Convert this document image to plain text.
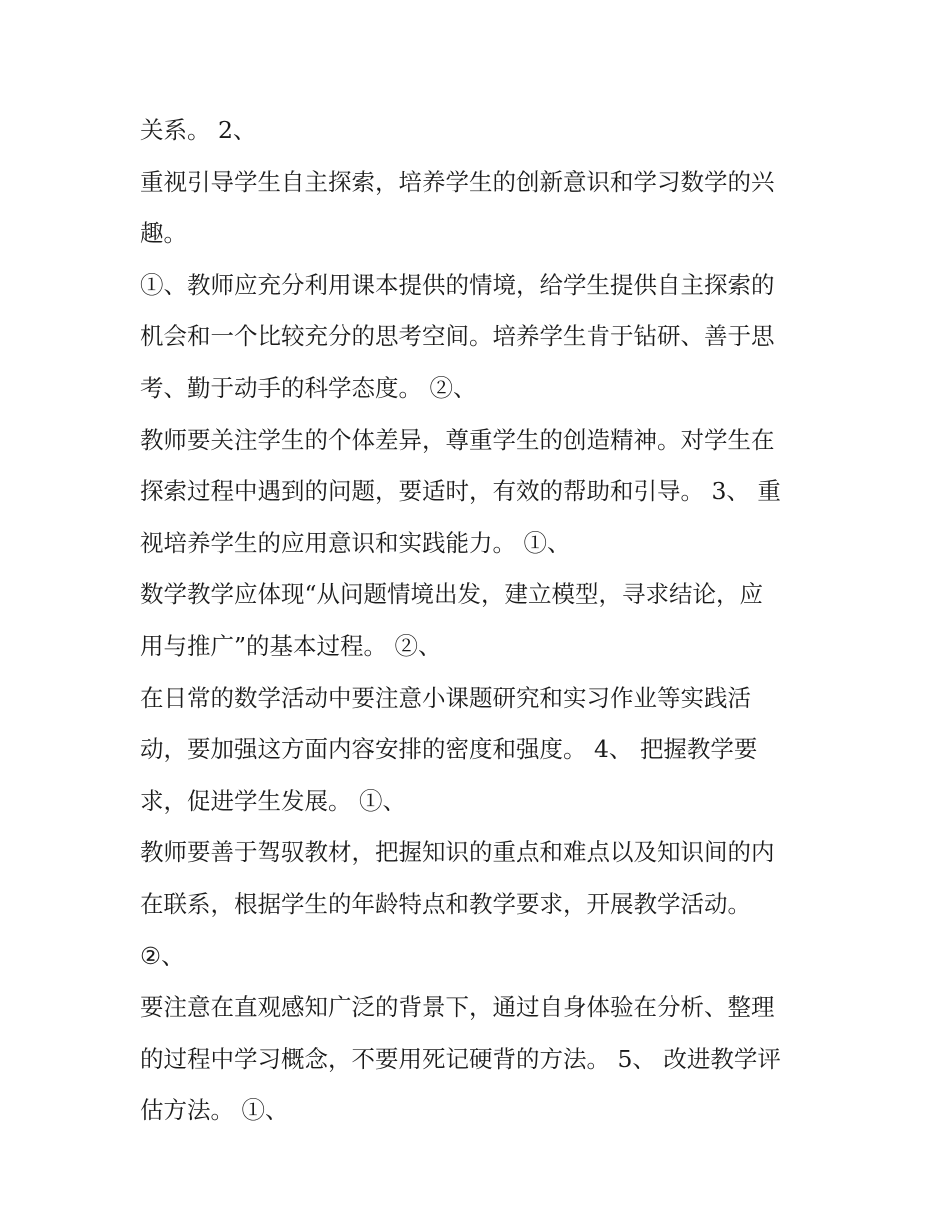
关系。 2、
重视引导学生自主探索，培养学生的创新意识和学习数学的兴
趣。
①、教师应充分利用课本提供的情境，给学生提供自主探索的
机会和一个比较充分的思考空间。培养学生肯于钻研、善于思
考、勤于动手的科学态度。 ②、
教师要关注学生的个体差异，尊重学生的创造精神。对学生在
探索过程中遇到的问题，要适时，有效的帮助和引导。 3、 重
视培养学生的应用意识和实践能力。 ①、
数学教学应体现“从问题情境出发，建立模型，寻求结论，应
用与推广”的基本过程。 ②、
在日常的数学活动中要注意小课题研究和实习作业等实践活
动，要加强这方面内容安排的密度和强度。 4、 把握教学要
求，促进学生发展。 ①、
教师要善于驾驭教材，把握知识的重点和难点以及知识间的内
在联系，根据学生的年龄特点和教学要求，开展教学活动。
②、
要注意在直观感知广泛的背景下，通过自身体验在分析、整理
的过程中学习概念，不要用死记硬背的方法。 5、 改进教学评
估方法。 ①、
